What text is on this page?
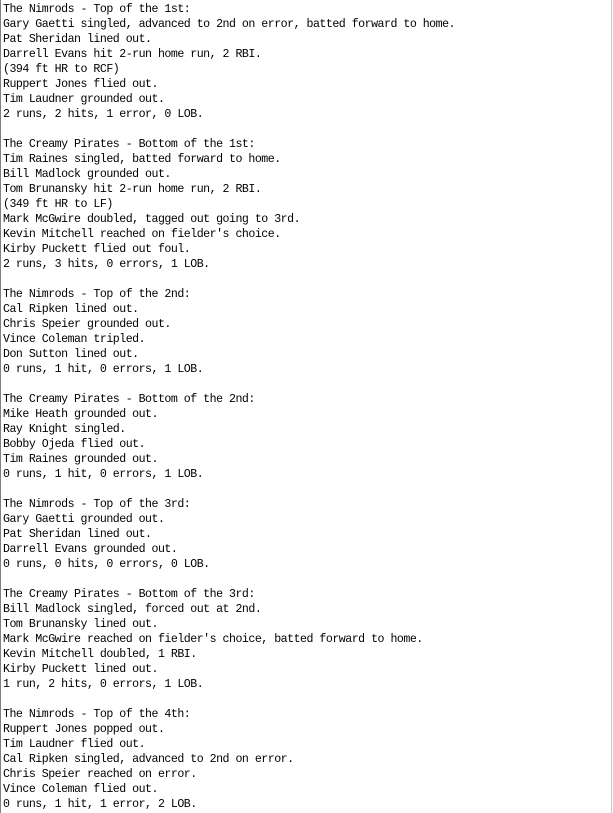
The Nimrods - Top of the 1st:
Gary Gaetti singled, advanced to 2nd on error, batted forward to home.
Pat Sheridan lined out.
Darrell Evans hit 2-run home run, 2 RBI.
(394 ft HR to RCF)
Ruppert Jones flied out.
Tim Laudner grounded out.
2 runs, 2 hits, 1 error, 0 LOB.
The Creamy Pirates - Bottom of the 1st:
Tim Raines singled, batted forward to home.
Bill Madlock grounded out.
Tom Brunansky hit 2-run home run, 2 RBI.
(349 ft HR to LF)
Mark McGwire doubled, tagged out going to 3rd.
Kevin Mitchell reached on fielder's choice.
Kirby Puckett flied out foul.
2 runs, 3 hits, 0 errors, 1 LOB.
The Nimrods - Top of the 2nd:
Cal Ripken lined out.
Chris Speier grounded out.
Vince Coleman tripled.
Don Sutton lined out.
0 runs, 1 hit, 0 errors, 1 LOB.
The Creamy Pirates - Bottom of the 2nd:
Mike Heath grounded out.
Ray Knight singled.
Bobby Ojeda flied out.
Tim Raines grounded out.
0 runs, 1 hit, 0 errors, 1 LOB.
The Nimrods - Top of the 3rd:
Gary Gaetti grounded out.
Pat Sheridan lined out.
Darrell Evans grounded out.
0 runs, 0 hits, 0 errors, 0 LOB.
The Creamy Pirates - Bottom of the 3rd:
Bill Madlock singled, forced out at 2nd.
Tom Brunansky lined out.
Mark McGwire reached on fielder's choice, batted forward to home.
Kevin Mitchell doubled, 1 RBI.
Kirby Puckett lined out.
1 run, 2 hits, 0 errors, 1 LOB.
The Nimrods - Top of the 4th:
Ruppert Jones popped out.
Tim Laudner flied out.
Cal Ripken singled, advanced to 2nd on error.
Chris Speier reached on error.
Vince Coleman flied out.
0 runs, 1 hit, 1 error, 2 LOB.
